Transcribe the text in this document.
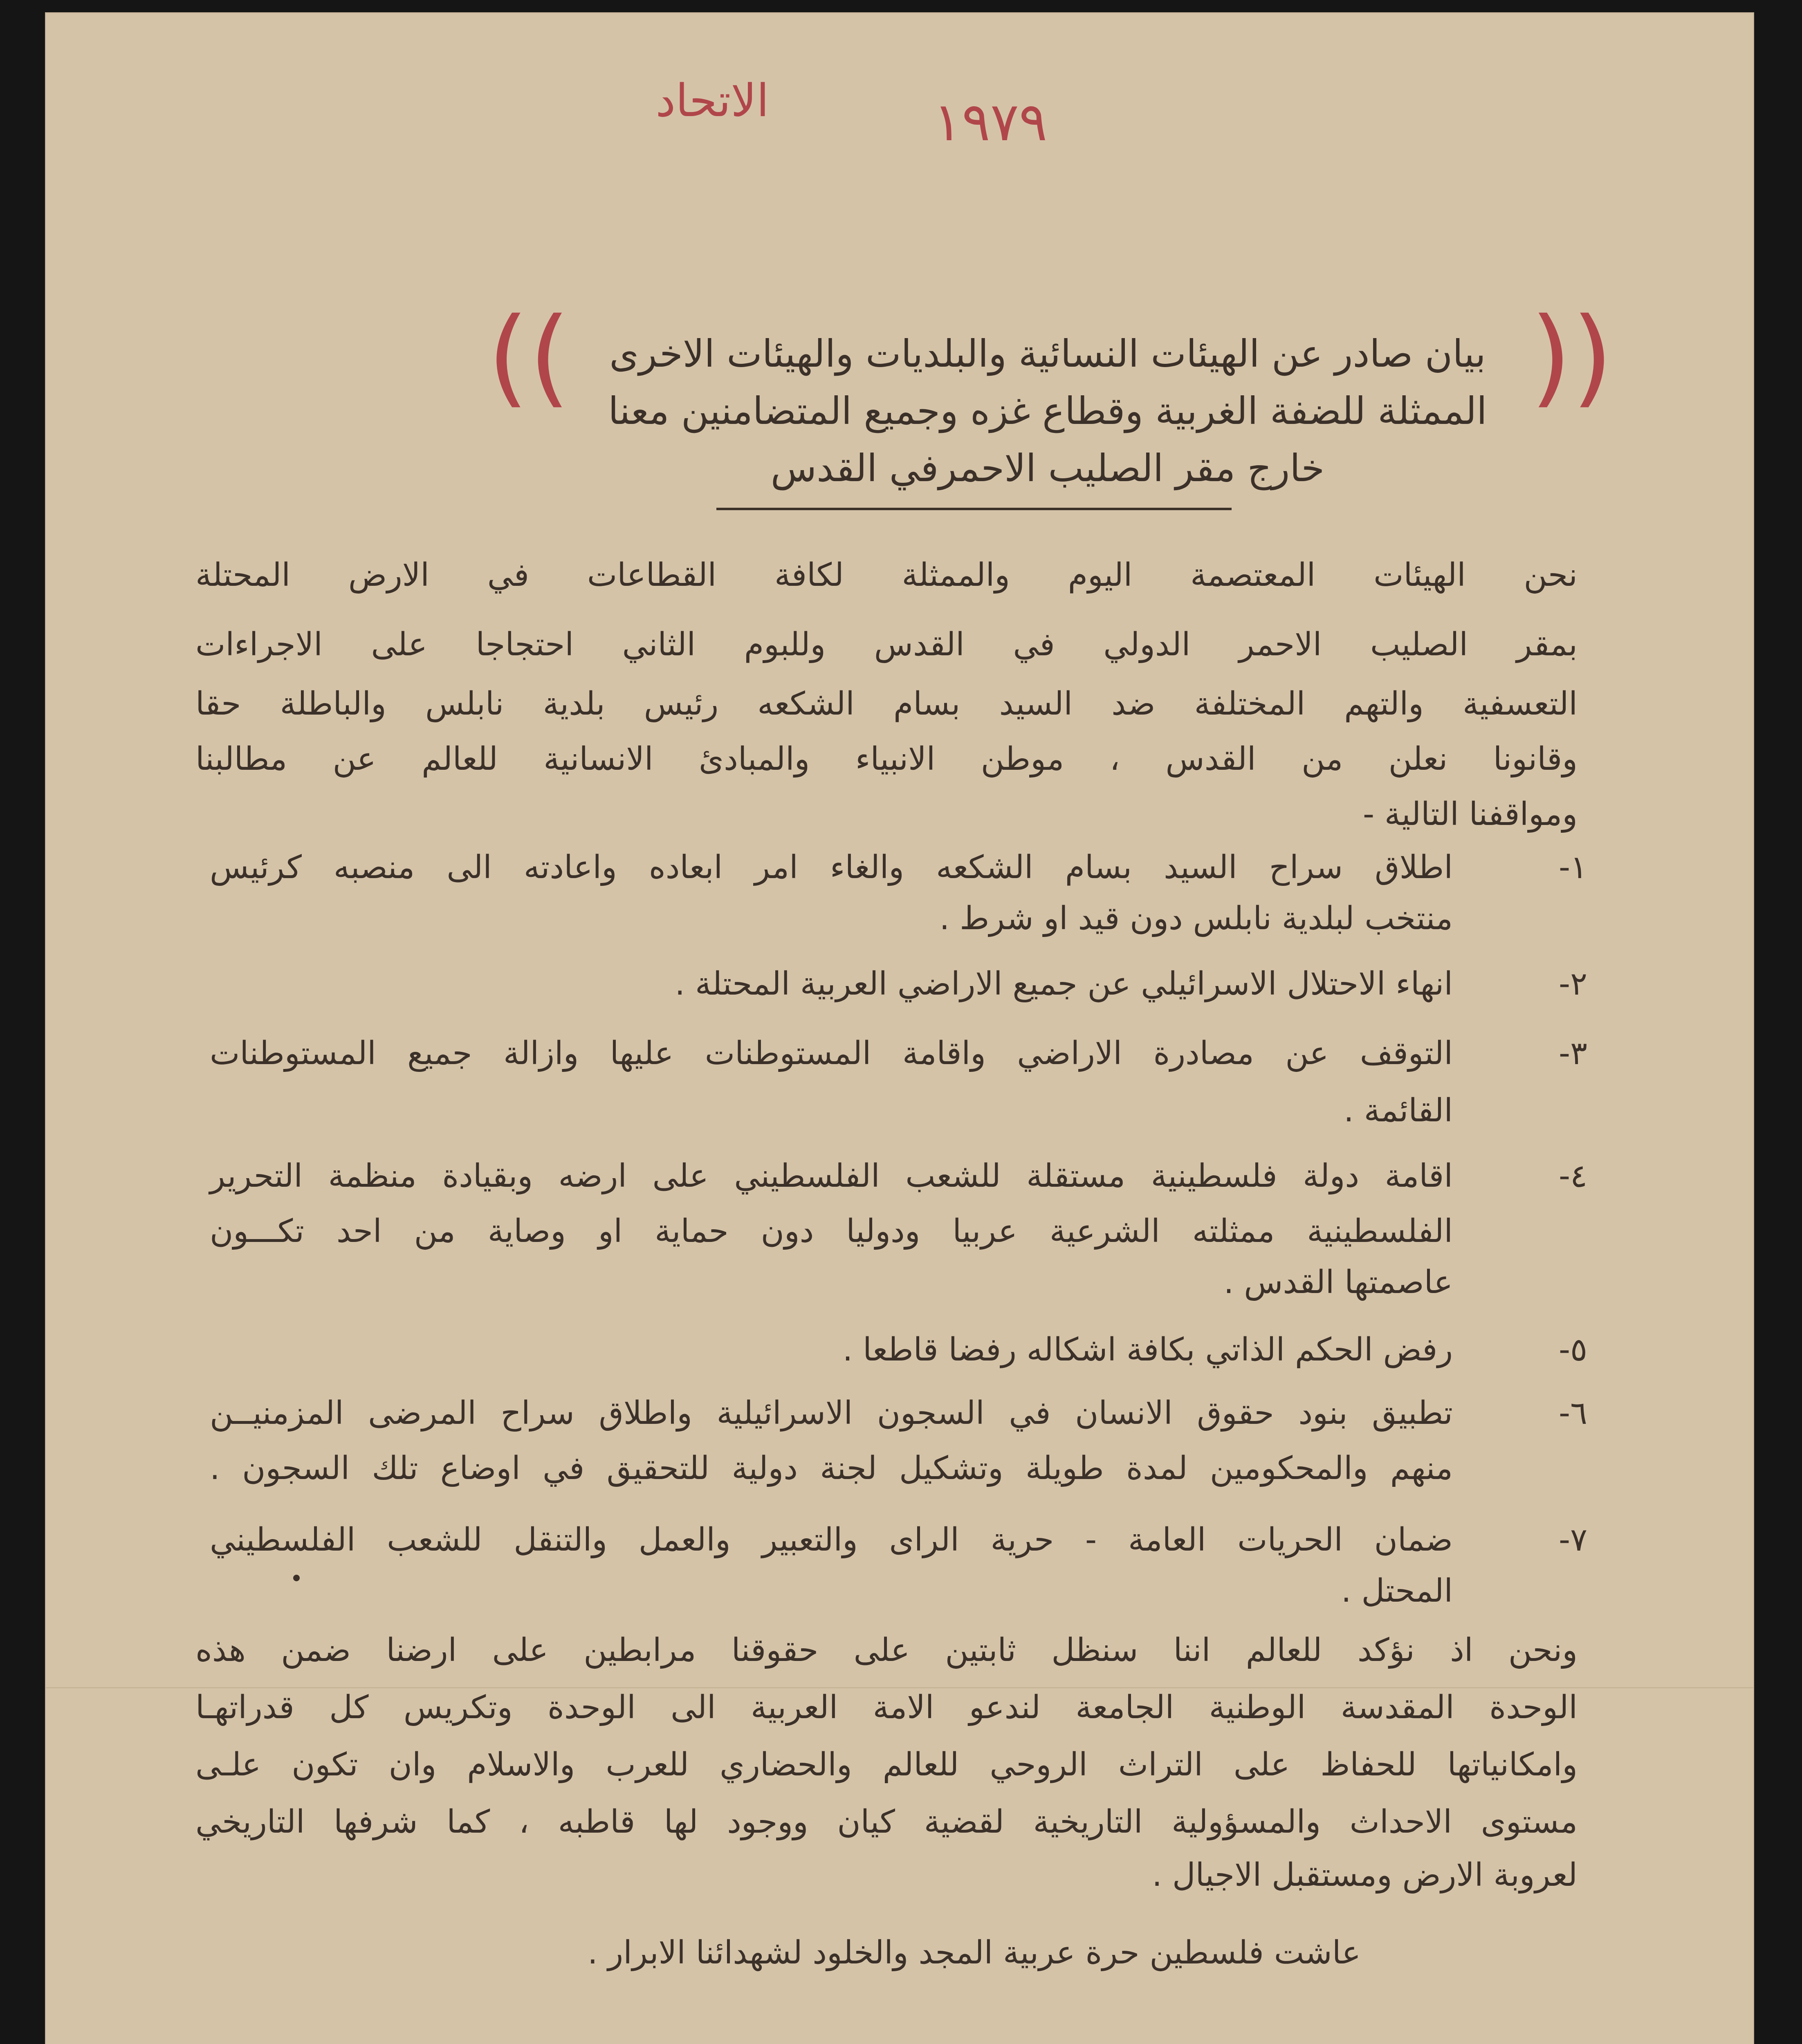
الاتحاد	١٩٧٩
((	))
بيان صادر عن الهيئات النسائية والبلديات والهيئات الاخرى
الممثلة للضفة الغربية وقطاع غزه وجميع المتضامنين معنا
خارج مقر الصليب الاحمرفي القدس
نحن الهيئات المعتصمة اليوم والممثلة لكافة القطاعات في الارض المحتلة
بمقر الصليب الاحمر الدولي في القدس وللبوم الثاني احتجاجا على الاجراءات
التعسفية والتهم المختلفة ضد السيد بسام الشكعه رئيس بلدية نابلس والباطلة حقا
وقانونا نعلن من القدس ، موطن الانبياء والمبادئ الانسانية للعالم عن مطالبنا
ومواقفنا التالية -
١-
اطلاق سراح السيد بسام الشكعه والغاء امر ابعاده واعادته الى منصبه كرئيس
منتخب لبلدية نابلس دون قيد او شرط .
٢-
انهاء الاحتلال الاسرائيلي عن جميع الاراضي العربية المحتلة .
٣-
التوقف عن مصادرة الاراضي واقامة المستوطنات عليها وازالة جميع المستوطنات
القائمة .
٤-
اقامة دولة فلسطينية مستقلة للشعب الفلسطيني على ارضه وبقيادة منظمة التحرير
الفلسطينية ممثلته الشرعية عربيا ودوليا دون حماية او وصاية من احد تكـــون
عاصمتها القدس .
٥-
رفض الحكم الذاتي بكافة اشكاله رفضا قاطعا .
٦-
تطبيق بنود حقوق الانسان في السجون الاسرائيلية واطلاق سراح المرضى المزمنيــن
منهم والمحكومين لمدة طويلة وتشكيل لجنة دولية للتحقيق في اوضاع تلك السجون .
٧-
ضمان الحريات العامة - حرية الراى والتعبير والعمل والتنقل للشعب الفلسطيني
المحتل .
ونحن اذ نؤكد للعالم اننا سنظل ثابتين على حقوقنا مرابطين على ارضنا ضمن هذه
الوحدة المقدسة الوطنية الجامعة لندعو الامة العربية الى الوحدة وتكريس كل قدراتهـا
وامكانياتها للحفاظ على التراث الروحي للعالم والحضاري للعرب والاسلام وان تكون علـى
مستوى الاحداث والمسؤولية التاريخية لقضية كيان ووجود لها قاطبه ، كما شرفها التاريخي
لعروبة الارض ومستقبل الاجيال .
عاشت فلسطين حرة عربية المجد والخلود لشهدائنا الابرار .
